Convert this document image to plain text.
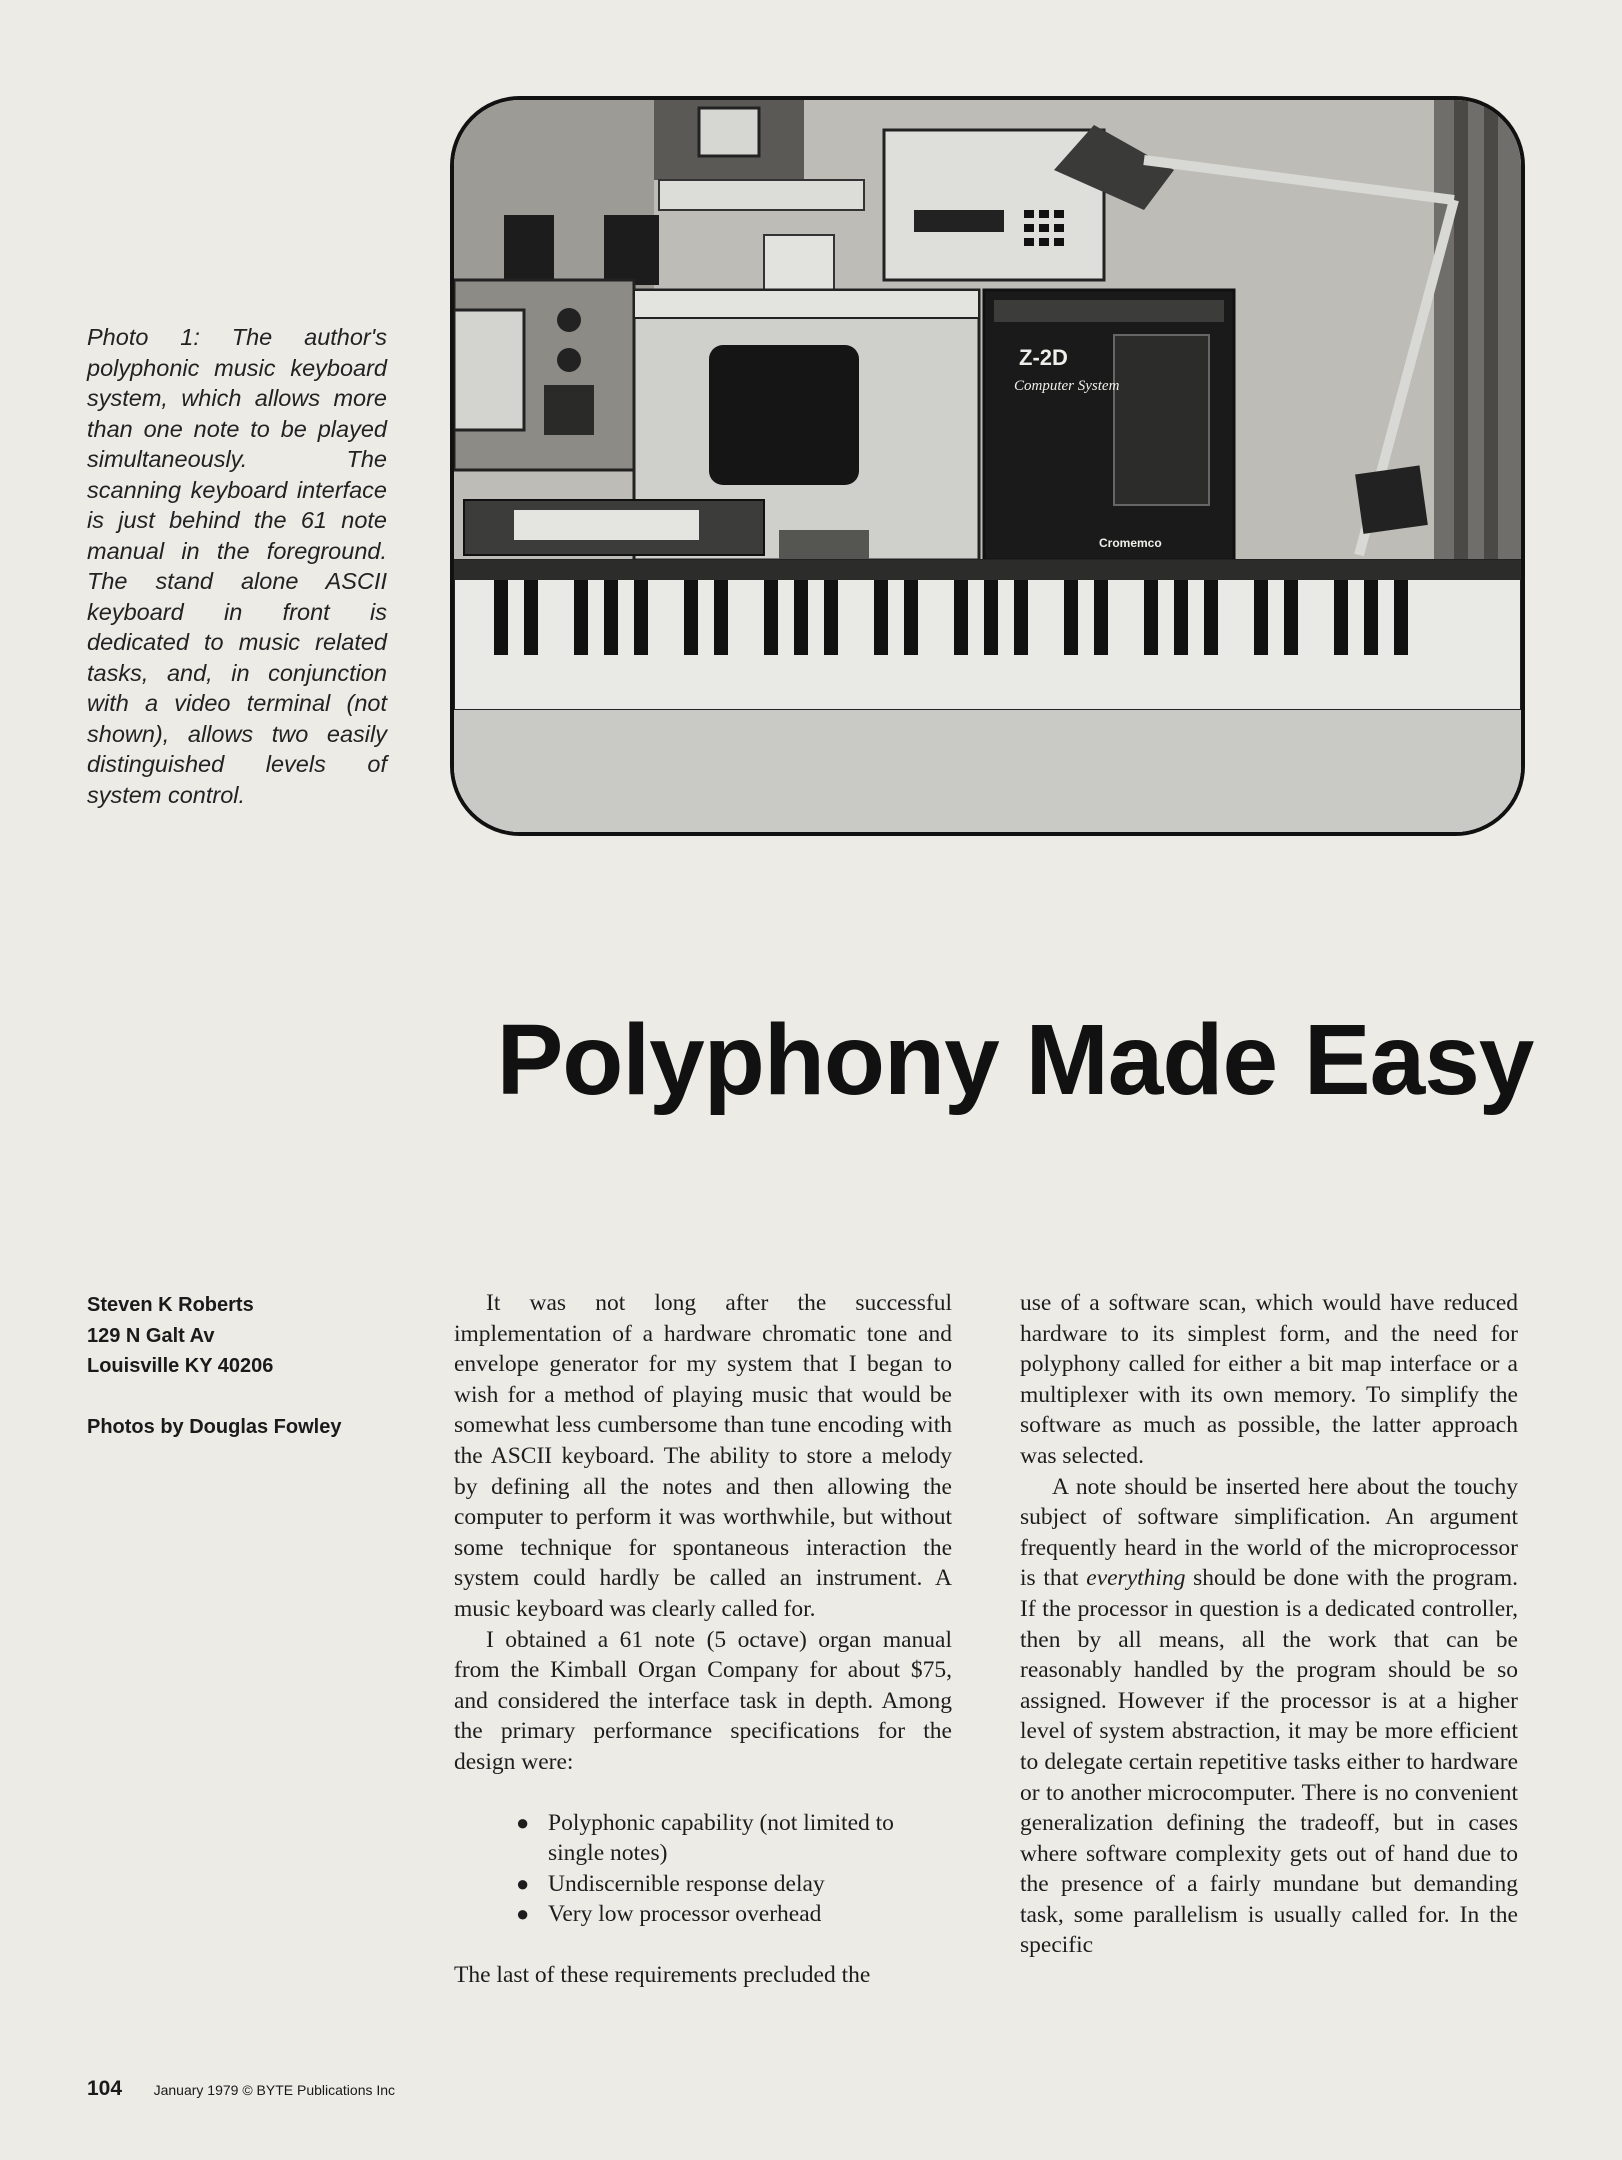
Photo 1: The author's polyphonic music keyboard system, which allows more than one note to be played simultaneously. The scanning keyboard interface is just behind the 61 note manual in the foreground. The stand alone ASCII keyboard in front is dedicated to music related tasks, and, in conjunction with a video terminal (not shown), allows two easily distinguished levels of system control.
Z-2D
Computer System
Cromemco
Polyphony Made Easy
Steven K Roberts
129 N Galt Av
Louisville KY 40206
Photos by Douglas Fowley

It was not long after the successful implementation of a hardware chromatic tone and envelope generator for my system that I began to wish for a method of playing music that would be somewhat less cumbersome than tune encoding with the ASCII keyboard. The ability to store a melody by defining all the notes and then allowing the computer to perform it was worthwhile, but without some technique for spontaneous interaction the system could hardly be called an instrument. A music keyboard was clearly called for.

I obtained a 61 note (5 octave) organ manual from the Kimball Organ Company for about $75, and considered the interface task in depth. Among the primary performance specifications for the design were:

● Polyphonic capability (not limited to single notes)
● Undiscernible response delay
● Very low processor overhead

The last of these requirements precluded the

use of a software scan, which would have reduced hardware to its simplest form, and the need for polyphony called for either a bit map interface or a multiplexer with its own memory. To simplify the software as much as possible, the latter approach was selected.

A note should be inserted here about the touchy subject of software simplification. An argument frequently heard in the world of the microprocessor is that everything should be done with the program. If the processor in question is a dedicated controller, then by all means, all the work that can be reasonably handled by the program should be so assigned. However if the processor is at a higher level of system abstraction, it may be more efficient to delegate certain repetitive tasks either to hardware or to another microcomputer. There is no convenient generalization defining the tradeoff, but in cases where software complexity gets out of hand due to the presence of a fairly mundane but demanding task, some parallelism is usually called for. In the specific

104 January 1979 © BYTE Publications Inc
